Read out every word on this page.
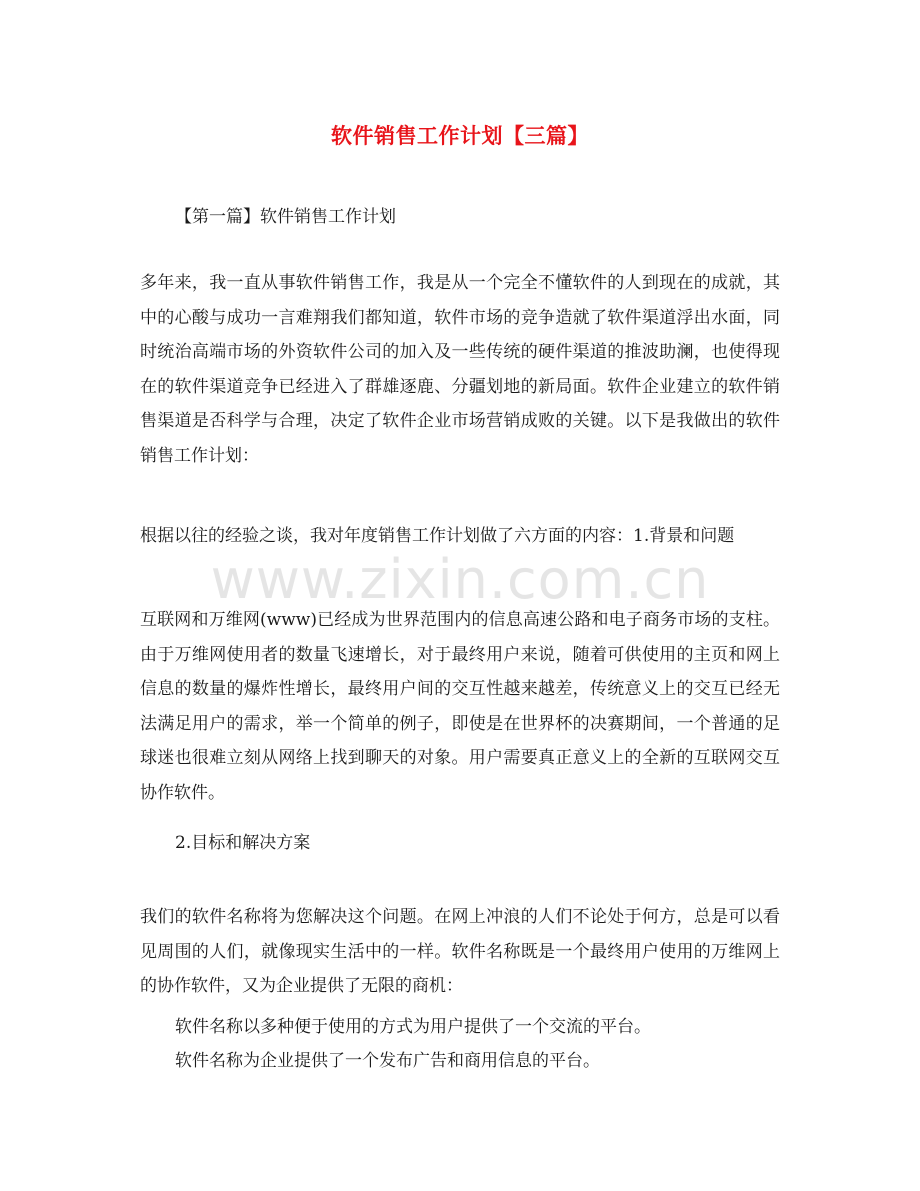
软件销售工作计划【三篇】
【第一篇】软件销售工作计划

多年来，我一直从事软件销售工作，我是从一个完全不懂软件的人到现在的成就，其中的心酸与成功一言难翔我们都知道，软件市场的竞争造就了软件渠道浮出水面，同时统治高端市场的外资软件公司的加入及一些传统的硬件渠道的推波助澜，也使得现在的软件渠道竞争已经进入了群雄逐鹿、分疆划地的新局面。软件企业建立的软件销售渠道是否科学与合理，决定了软件企业市场营销成败的关键。以下是我做出的软件销售工作计划：

根据以往的经验之谈，我对年度销售工作计划做了六方面的内容：1.背景和问题

www.zixin.com.cn

互联网和万维网(www)已经成为世界范围内的信息高速公路和电子商务市场的支柱。由于万维网使用者的数量飞速增长，对于最终用户来说，随着可供使用的主页和网上信息的数量的爆炸性增长，最终用户间的交互性越来越差，传统意义上的交互已经无法满足用户的需求，举一个简单的例子，即使是在世界杯的决赛期间，一个普通的足球迷也很难立刻从网络上找到聊天的对象。用户需要真正意义上的全新的互联网交互协作软件。

2.目标和解决方案

我们的软件名称将为您解决这个问题。在网上冲浪的人们不论处于何方，总是可以看见周围的人们，就像现实生活中的一样。软件名称既是一个最终用户使用的万维网上的协作软件，又为企业提供了无限的商机：

软件名称以多种便于使用的方式为用户提供了一个交流的平台。
软件名称为企业提供了一个发布广告和商用信息的平台。
